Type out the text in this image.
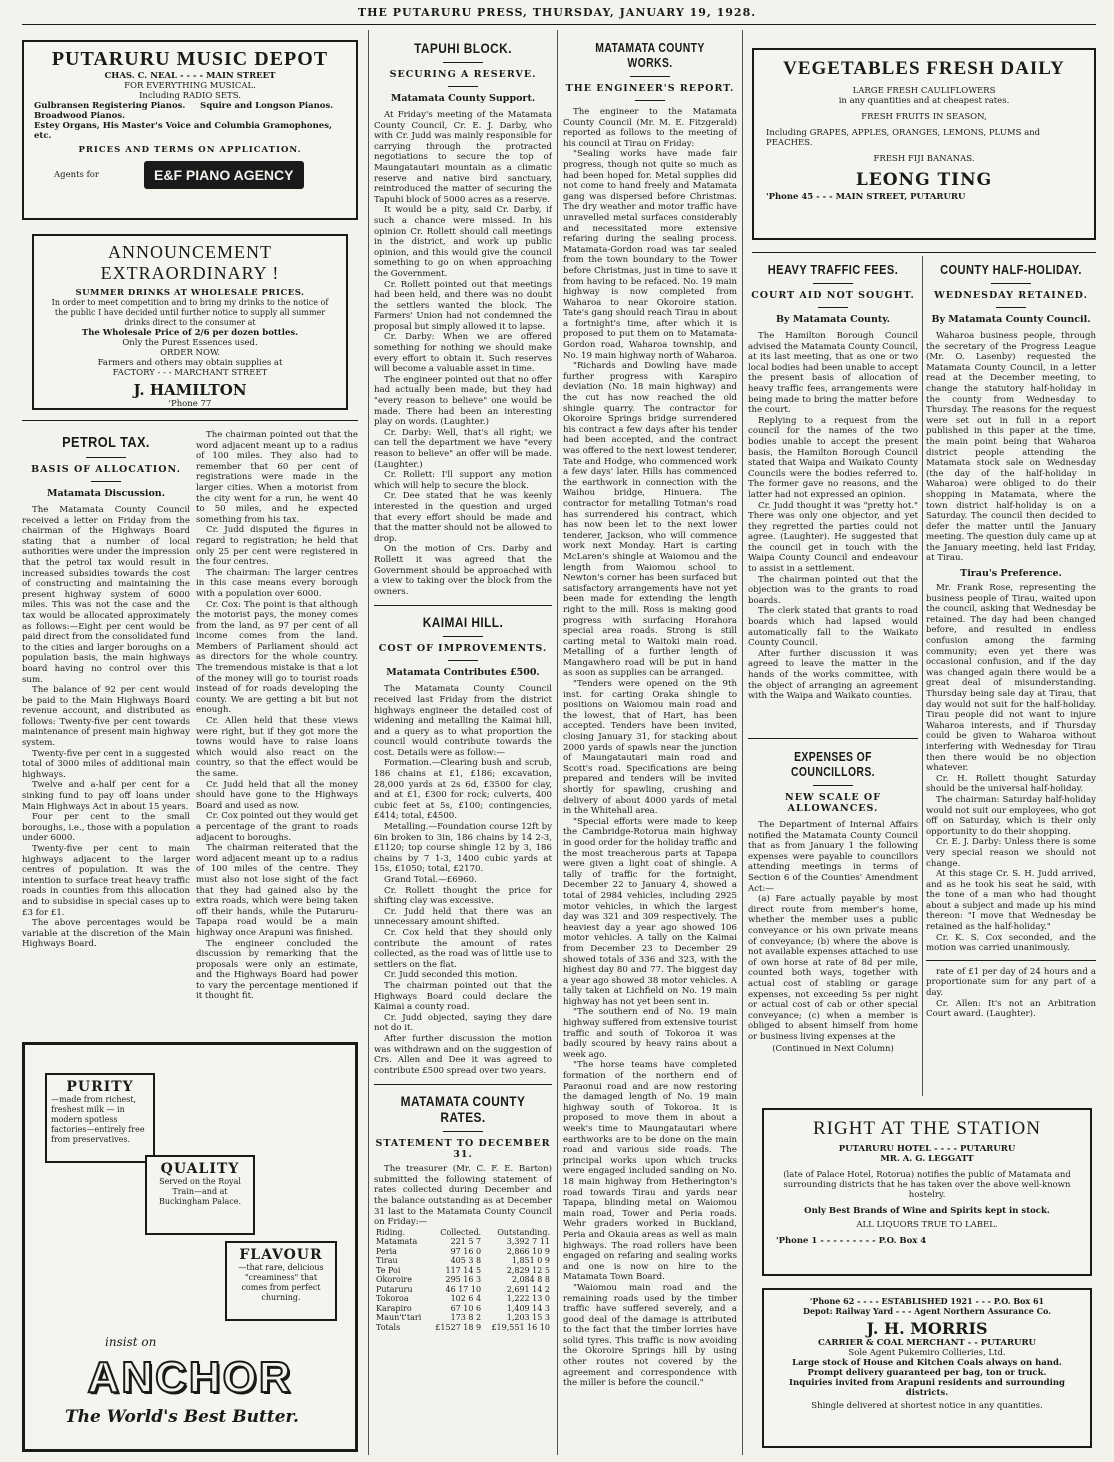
THE PUTARURU PRESS, THURSDAY, JANUARY 19, 1928.
PUTARURU MUSIC DEPOT
CHAS. C. NEAL - - - - MAIN STREET
FOR EVERYTHING MUSICAL.
Including RADIO SETS.
Gulbransen Registering Pianos.     Squire and Longson Pianos.
Broadwood Pianos.
Estey Organs, His Master's Voice and Columbia Gramophones, etc.
PRICES AND TERMS ON APPLICATION.
Agents for	E&F PIANO AGENCY
ANNOUNCEMENT
EXTRAORDINARY !
SUMMER DRINKS AT WHOLESALE PRICES.
In order to meet competition and to bring my drinks to the notice of the public I have decided until further notice to supply all summer drinks direct to the consumer at
The Wholesale Price of 2/6 per dozen bottles.
Only the Purest Essences used.
ORDER NOW.
Farmers and others may obtain supplies at
FACTORY - - - MARCHANT STREET
J. HAMILTON
'Phone 77
PETROL TAX.
BASIS OF ALLOCATION.
Matamata Discussion.

The Matamata County Council received a letter on Friday from the chairman of the Highways Board stating that a number of local authorities were under the impression that the petrol tax would result in increased subsidies towards the cost of constructing and maintaining the present highway system of 6000 miles. This was not the case and the tax would be allocated approximately as follows:—Eight per cent would be paid direct from the consolidated fund to the cities and larger boroughs on a population basis, the main highways board having no control over this sum.

The balance of 92 per cent would be paid to the Main Highways Board revenue account, and distributed as follows: Twenty-five per cent towards maintenance of present main highway system.

Twenty-five per cent in a suggested total of 3000 miles of additional main highways.

Twelve and a-half per cent for a sinking fund to pay off loans under Main Highways Act in about 15 years.

Four per cent to the small boroughs, i.e., those with a population under 6000.

Twenty-five per cent to main highways adjacent to the larger centres of population. It was the intention to surface treat heavy traffic roads in counties from this allocation and to subsidise in special cases up to £3 for £1.

The above percentages would be variable at the discretion of the Main Highways Board.

The chairman pointed out that the word adjacent meant up to a radius of 100 miles. They also had to remember that 60 per cent of registrations were made in the larger cities. When a motorist from the city went for a run, he went 40 to 50 miles, and he expected something from his tax.

Cr. Judd disputed the figures in regard to registration; he held that only 25 per cent were registered in the four centres.

The chairman: The larger centres in this case means every borough with a population over 6000.

Cr. Cox: The point is that although the motorist pays, the money comes from the land, as 97 per cent of all income comes from the land. Members of Parliament should act as directors for the whole country. The tremendous mistake is that a lot of the money will go to tourist roads instead of for roads developing the county. We are getting a bit but not enough.

Cr. Allen held that these views were right, but if they got more the towns would have to raise loans which would also react on the country, so that the effect would be the same.

Cr. Judd held that all the money should have gone to the Highways Board and used as now.

Cr. Cox pointed out they would get a percentage of the grant to roads adjacent to boroughs.

The chairman reiterated that the word adjacent meant up to a radius of 100 miles of the centre. They must also not lose sight of the fact that they had gained also by the extra roads, which were being taken off their hands, while the Putaruru-Tapapa road would be a main highway once Arapuni was finished.

The engineer concluded the discussion by remarking that the proposals were only an estimate, and the Highways Board had power to vary the percentage mentioned if it thought fit.

PURITY
—made from richest, freshest milk — in modern spotless factories—entirely free from preservatives.
QUALITY
Served on the Royal Train—and at Buckingham Palace.
FLAVOUR
—that rare, delicious "creaminess" that comes from perfect churning.
insist on
ANCHOR
The World's Best Butter.
TAPUHI BLOCK.
SECURING A RESERVE.
Matamata County Support.

At Friday's meeting of the Matamata County Council, Cr. E. J. Darby, who with Cr. Judd was mainly responsible for carrying through the protracted negotiations to secure the top of Maungatautari mountain as a climatic reserve and native bird sanctuary, reintroduced the matter of securing the Tapuhi block of 5000 acres as a reserve.

It would be a pity, said Cr. Darby, if such a chance were missed. In his opinion Cr. Rollett should call meetings in the district, and work up public opinion, and this would give the council something to go on when approaching the Government.

Cr. Rollett pointed out that meetings had been held, and there was no doubt the settlers wanted the block. The Farmers' Union had not condemned the proposal but simply allowed it to lapse.

Cr. Darby: When we are offered something for nothing we should make every effort to obtain it. Such reserves will become a valuable asset in time.

The engineer pointed out that no offer had actually been made, but they had "every reason to believe" one would be made. There had been an interesting play on words. (Laughter.)

Cr. Darby: Well, that's all right; we can tell the department we have "every reason to believe" an offer will be made. (Laughter.)

Cr. Rollett: I'll support any motion which will help to secure the block.

Cr. Dee stated that he was keenly interested in the question and urged that every effort should be made and that the matter should not be allowed to drop.

On the motion of Crs. Darby and Rollett it was agreed that the Government should be approached with a view to taking over the block from the owners.

KAIMAI HILL.
COST OF IMPROVEMENTS.
Matamata Contributes £500.

The Matamata County Council received last Friday from the district highways engineer the detailed cost of widening and metalling the Kaimai hill, and a query as to what proportion the council would contribute towards the cost. Details were as follow:—

Formation.—Clearing bush and scrub, 186 chains at £1, £186; excavation, 28,000 yards at 2s 6d, £3500 for clay, and at £1, £300 for rock; culverts, 400 cubic feet at 5s, £100; contingencies, £414; total, £4500.

Metalling.—Foundation course 12ft by 6in broken to 3in, 186 chains by 14 2-3, £1120; top course shingle 12 by 3, 186 chains by 7 1-3, 1400 cubic yards at 15s, £1050; total, £2170.

Grand Total.—£6960.

Cr. Rollett thought the price for shifting clay was excessive.

Cr. Judd held that there was an unnecessary amount shifted.

Cr. Cox held that they should only contribute the amount of rates collected, as the road was of little use to settlers on the flat.

Cr. Judd seconded this motion.

The chairman pointed out that the Highways Board could declare the Kaimai a county road.

Cr. Judd objected, saying they dare not do it.

After further discussion the motion was withdrawn and on the suggestion of Crs. Allen and Dee it was agreed to contribute £500 spread over two years.

MATAMATA COUNTY RATES.
STATEMENT TO DECEMBER 31.

The treasurer (Mr. C. F. E. Barton) submitted the following statement of rates collected during December and the balance outstanding as at December 31 last to the Matamata County Council on Friday:—

Riding.	Collected.	Outstanding.
Matamata	221 5 7	3,392 7 11
Peria	97 16 0	2,866 10 9
Tirau	405 3 8	1,851 0 9
Te Poi	117 14 5	2,829 12 5
Okoroire	295 16 3	2,084 8 8
Putaruru	46 17 10	2,691 14 2
Tokoroa	102 6 4	1,222 13 0
Karapiro	67 10 6	1,409 14 3
Maun't'tari	173 8 2	1,203 15 3
Totals	£1527 18 9	£19,551 16 10
MATAMATA COUNTY WORKS.
THE ENGINEER'S REPORT.

The engineer to the Matamata County Council (Mr. M. E. Fitzgerald) reported as follows to the meeting of his council at Tirau on Friday:

"Sealing works have made fair progress, though not quite so much as had been hoped for. Metal supplies did not come to hand freely and Matamata gang was dispersed before Christmas. The dry weather and motor traffic have unravelled metal surfaces considerably and necessitated more extensive refaring during the sealing process. Matamata-Gordon road was tar sealed from the town boundary to the Tower before Christmas, just in time to save it from having to be refaced. No. 19 main highway is now completed from Waharoa to near Okoroire station. Tate's gang should reach Tirau in about a fortnight's time, after which it is proposed to put them on to Matamata-Gordon road, Waharoa township, and No. 19 main highway north of Waharoa.

"Richards and Dowling have made further progress with Karapiro deviation (No. 18 main highway) and the cut has now reached the old shingle quarry. The contractor for Okoroire Springs bridge surrendered his contract a few days after his tender had been accepted, and the contract was offered to the next lowest tenderer, Tate and Hodge, who commenced work a few days' later. Hills has commenced the earthwork in connection with the Waihou bridge, Hinuera. The contractor for metalling Totman's road has surrendered his contract, which has now been let to the next lower tenderer, Jackson, who will commence work next Monday. Hart is carting McLaren's shingle at Waiomou and the length from Waiomou school to Newton's corner has been surfaced but satisfactory arrangements have not yet been made for extending the length right to the mill. Ross is making good progress with surfacing Horahora special area roads. Strong is still carting metal to Waitoki main road. Metalling of a further length of Mangawhero road will be put in hand as soon as supplies can be arranged.

"Tenders were opened on the 9th inst. for carting Oraka shingle to positions on Waiomou main road and the lowest, that of Hart, has been accepted. Tenders have been invited, closing January 31, for stacking about 2000 yards of spawls near the junction of Maungatautari main road and Scott's road. Specifications are being prepared and tenders will be invited shortly for spawling, crushing and delivery of about 4000 yards of metal in the Whitehall area.

"Special efforts were made to keep the Cambridge-Rotorua main highway in good order for the holiday traffic and the most treacherous parts at Tapapa were given a light coat of shingle. A tally of traffic for the fortnight, December 22 to January 4, showed a total of 2984 vehicles, including 2925 motor vehicles, in which the largest day was 321 and 309 respectively. The heaviest day a year ago showed 106 motor vehicles. A tally on the Kaimai from December 23 to December 29 showed totals of 336 and 323, with the highest day 80 and 77. The biggest day a year ago showed 38 motor vehicles. A tally taken at Lichfield on No. 19 main highway has not yet been sent in.

"The southern end of No. 19 main highway suffered from extensive tourist traffic and south of Tokoroa it was badly scoured by heavy rains about a week ago.

"The horse teams have completed formation of the northern end of Paraonui road and are now restoring the damaged length of No. 19 main highway south of Tokoroa. It is proposed to move them in about a week's time to Maungatautari where earthworks are to be done on the main road and various side roads. The principal works upon which trucks were engaged included sanding on No. 18 main highway from Hetherington's road towards Tirau and yards near Tapapa, blinding metal on Waiomou main road, Tower and Peria roads. Wehr graders worked in Buckland, Peria and Okauia areas as well as main highways. The road rollers have been engaged on refaring and sealing works and one is now on hire to the Matamata Town Board.

"Waiomou main road and the remaining roads used by the timber traffic have suffered severely, and a good deal of the damage is attributed to the fact that the timber lorries have solid tyres. This traffic is now avoiding the Okoroire Springs hill by using other routes not covered by the agreement and correspondence with the miller is before the council."

VEGETABLES FRESH DAILY
LARGE FRESH CAULIFLOWERS
in any quantities and at cheapest rates.
FRESH FRUITS IN SEASON,
Including GRAPES, APPLES, ORANGES, LEMONS, PLUMS and PEACHES.
FRESH FIJI BANANAS.
LEONG TING
'Phone 45 - - - MAIN STREET, PUTARURU
HEAVY TRAFFIC FEES.
COURT AID NOT SOUGHT.
By Matamata County.

The Hamilton Borough Council advised the Matamata County Council, at its last meeting, that as one or two local bodies had been unable to accept the present basis of allocation of heavy traffic fees, arrangements were being made to bring the matter before the court.

Replying to a request from the council for the names of the two bodies unable to accept the present basis, the Hamilton Borough Council stated that Waipa and Waikato County Councils were the bodies referred to. The former gave no reasons, and the latter had not expressed an opinion.

Cr. Judd thought it was "pretty hot." There was only one objector, and yet they regretted the parties could not agree. (Laughter). He suggested that the council get in touch with the Waipa County Council and endeavour to assist in a settlement.

The chairman pointed out that the objection was to the grants to road boards.

The clerk stated that grants to road boards which had lapsed would automatically fall to the Waikato County Council.

After further discussion it was agreed to leave the matter in the hands of the works committee, with the object of arranging an agreement with the Waipa and Waikato counties.

EXPENSES OF COUNCILLORS.
NEW SCALE OF ALLOWANCES.

The Department of Internal Affairs notified the Matamata County Council that as from January 1 the following expenses were payable to councillors attending meetings in terms of Section 6 of the Counties' Amendment Act:—

(a) Fare actually payable by most direct route from member's home, whether the member uses a public conveyance or his own private means of conveyance; (b) where the above is not available expenses attached to use of own horse at rate of 8d per mile, counted both ways, together with actual cost of stabling or garage expenses, not exceeding 5s per night or actual cost of cab or other special conveyance; (c) when a member is obliged to absent himself from home or business living expenses at the

(Continued in Next Column)
COUNTY HALF-HOLIDAY.
WEDNESDAY RETAINED.
By Matamata County Council.

Waharoa business people, through the secretary of the Progress League (Mr. O. Lasenby) requested the Matamata County Council, in a letter read at the December meeting, to change the statutory half-holiday in the county from Wednesday to Thursday. The reasons for the request were set out in full in a report published in this paper at the time, the main point being that Waharoa district people attending the Matamata stock sale on Wednesday (the day of the half-holiday in Waharoa) were obliged to do their shopping in Matamata, where the town district half-holiday is on a Saturday. The council then decided to defer the matter until the January meeting. The question duly came up at the January meeting, held last Friday, at Tirau.

Tirau's Preference.

Mr. Frank Rose, representing the business people of Tirau, waited upon the council, asking that Wednesday be retained. The day had been changed before, and resulted in endless confusion among the farming community; even yet there was occasional confusion, and if the day was changed again there would be a great deal of misunderstanding. Thursday being sale day at Tirau, that day would not suit for the half-holiday. Tirau people did not want to injure Waharoa interests, and if Thursday could be given to Waharoa without interfering with Wednesday for Tirau then there would be no objection whatever.

Cr. H. Rollett thought Saturday should be the universal half-holiday.

The chairman: Saturday half-holiday would not suit our employees, who got off on Saturday, which is their only opportunity to do their shopping.

Cr. E. J. Darby: Unless there is some very special reason we should not change.

At this stage Cr. S. H. Judd arrived, and as he took his seat he said, with the tone of a man who had thought about a subject and made up his mind thereon: "I move that Wednesday be retained as the half-holiday."

Cr. K. S. Cox seconded, and the motion was carried unanimously.

rate of £1 per day of 24 hours and a proportionate sum for any part of a day.

Cr. Allen: It's not an Arbitration Court award. (Laughter).

RIGHT AT THE STATION
PUTARURU HOTEL - - - - PUTARURU
MR. A. G. LEGGATT
(late of Palace Hotel, Rotorua) notifies the public of Matamata and surrounding districts that he has taken over the above well-known hostelry.
Only Best Brands of Wine and Spirits kept in stock.
ALL LIQUORS TRUE TO LABEL.
'Phone 1 - - - - - - - - - P.O. Box 4
'Phone 62 - - - - ESTABLISHED 1921 - - - P.O. Box 61
Depot: Railway Yard - - - Agent Northern Assurance Co.
J. H. MORRIS
CARRIER & COAL MERCHANT - - PUTARURU
Sole Agent Pukemiro Collieries, Ltd.
Large stock of House and Kitchen Coals always on hand.
Prompt delivery guaranteed per bag, ton or truck.
Inquiries invited from Arapuni residents and surrounding districts.
Shingle delivered at shortest notice in any quantities.
